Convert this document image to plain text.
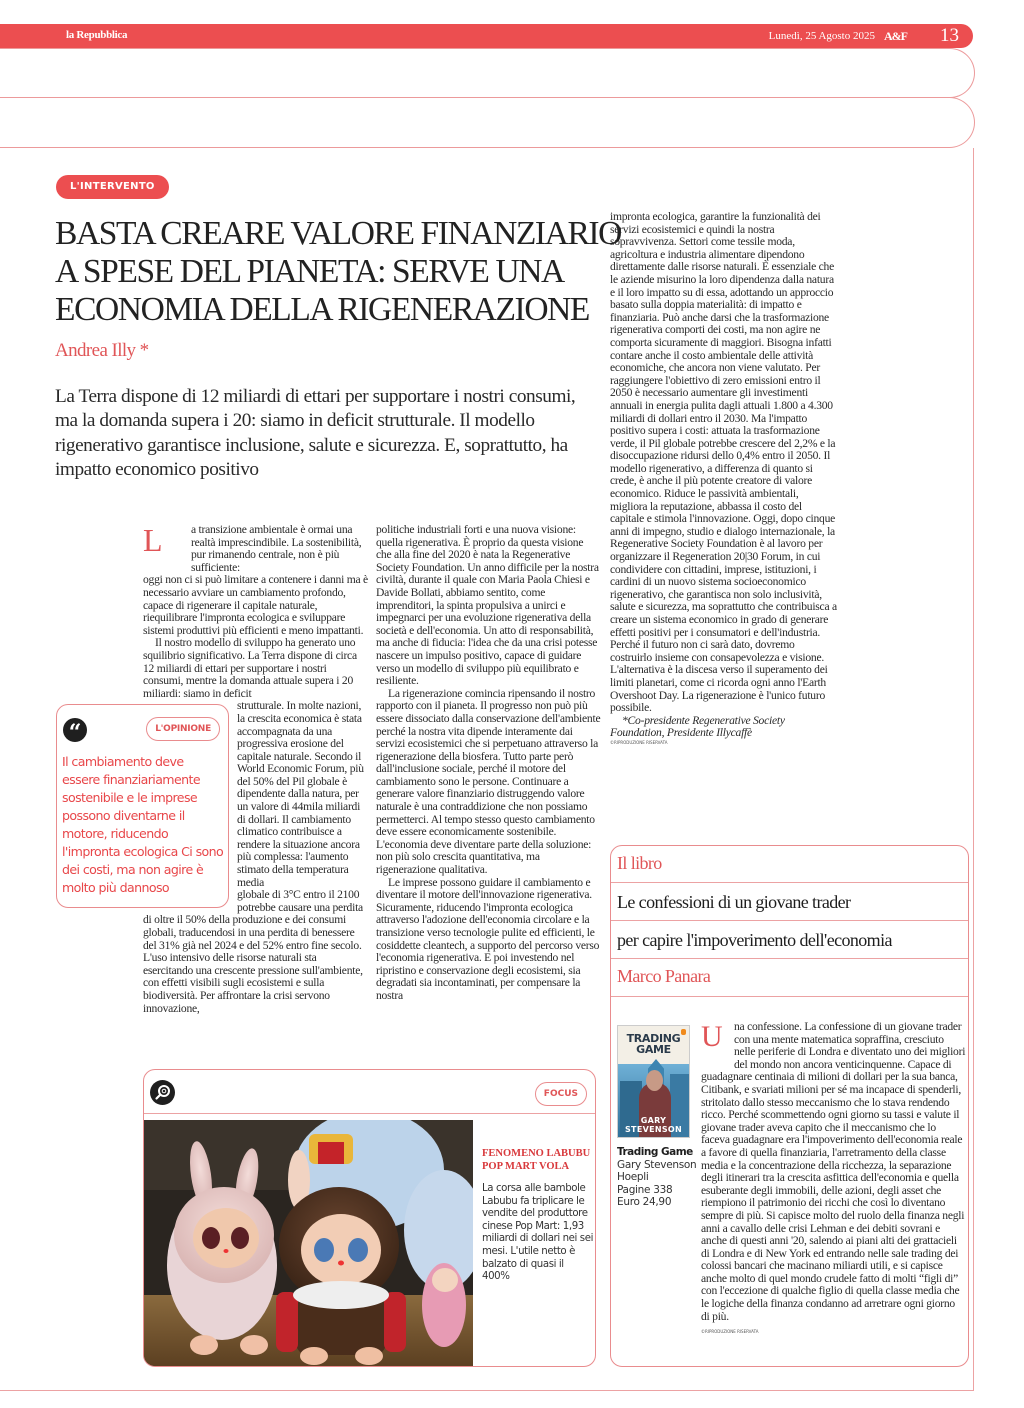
la Repubblica	Lunedì, 25 Agosto 2025 A&F 13
L'INTERVENTO
BASTA CREARE VALORE FINANZIARIO
A SPESE DEL PIANETA: SERVE UNA
ECONOMIA DELLA RIGENERAZIONE
Andrea Illy *
La Terra dispone di 12 miliardi di ettari per supportare i nostri consumi, ma la domanda supera i 20: siamo in deficit strutturale. Il modello rigenerativo garantisce inclusione, salute e sicurezza. E, soprattutto, ha impatto economico positivo
L	a transizione ambientale è ormai una realtà imprescindibile. La sostenibilità, pur rimanendo centrale, non è più sufficiente:

oggi non ci si può limitare a contenere i danni ma è necessario avviare un cambiamento profondo, capace di rigenerare il capitale naturale, riequilibrare l'impronta ecologica e sviluppare sistemi produttivi più efficienti e meno impattanti.

Il nostro modello di sviluppo ha generato uno squilibrio significativo. La Terra dispone di circa 12 miliardi di ettari per supportare i nostri consumi, mentre la domanda attuale supera i 20 miliardi: siamo in deficit

“	L'OPINIONE
Il cambiamento deve essere finanziariamente sostenibile e le imprese possono diventarne il motore, riducendo l'impronta ecologica Ci sono dei costi, ma non agire è molto più dannoso

strutturale. In molte nazioni, la crescita economica è stata accompagnata da una progressiva erosione del capitale naturale. Secondo il World Economic Forum, più del 50% del Pil globale è dipendente dalla natura, per un valore di 44mila miliardi di dollari. Il cambiamento climatico contribuisce a rendere la situazione ancora più complessa: l'aumento stimato della temperatura media

globale di 3°C entro il 2100 potrebbe causare una perdita di oltre il 50% della produzione e dei consumi globali, traducendosi in una perdita di benessere del 31% già nel 2024 e del 52% entro fine secolo. L'uso intensivo delle risorse naturali sta esercitando una crescente pressione sull'ambiente, con effetti visibili sugli ecosistemi e sulla biodiversità. Per affrontare la crisi servono innovazione,

politiche industriali forti e una nuova visione: quella rigenerativa. È proprio da questa visione che alla fine del 2020 è nata la Regenerative Society Foundation. Un anno difficile per la nostra civiltà, durante il quale con Maria Paola Chiesi e Davide Bollati, abbiamo sentito, come imprenditori, la spinta propulsiva a unirci e impegnarci per una evoluzione rigenerativa della società e dell'economia. Un atto di responsabilità, ma anche di fiducia: l'idea che da una crisi potesse nascere un impulso positivo, capace di guidare verso un modello di sviluppo più equilibrato e resiliente.

La rigenerazione comincia ripensando il nostro rapporto con il pianeta. Il progresso non può più essere dissociato dalla conservazione dell'ambiente perché la nostra vita dipende interamente dai servizi ecosistemici che si perpetuano attraverso la rigenerazione della biosfera. Tutto parte però dall'inclusione sociale, perché il motore del cambiamento sono le persone. Continuare a generare valore finanziario distruggendo valore naturale è una contraddizione che non possiamo permetterci. Al tempo stesso questo cambiamento deve essere economicamente sostenibile. L'economia deve diventare parte della soluzione: non più solo crescita quantitativa, ma rigenerazione qualitativa.

Le imprese possono guidare il cambiamento e diventare il motore dell'innovazione rigenerativa. Sicuramente, riducendo l'impronta ecologica attraverso l'adozione dell'economia circolare e la transizione verso tecnologie pulite ed efficienti, le cosiddette cleantech, a supporto del percorso verso l'economia rigenerativa. E poi investendo nel ripristino e conservazione degli ecosistemi, sia degradati sia incontaminati, per compensare la nostra

impronta ecologica, garantire la funzionalità dei servizi ecosistemici e quindi la nostra sopravvivenza. Settori come tessile moda, agricoltura e industria alimentare dipendono direttamente dalle risorse naturali. È essenziale che le aziende misurino la loro dipendenza dalla natura e il loro impatto su di essa, adottando un approccio basato sulla doppia materialità: di impatto e finanziaria. Può anche darsi che la trasformazione rigenerativa comporti dei costi, ma non agire ne comporta sicuramente di maggiori. Bisogna infatti contare anche il costo ambientale delle attività economiche, che ancora non viene valutato. Per raggiungere l'obiettivo di zero emissioni entro il 2050 è necessario aumentare gli investimenti annuali in energia pulita dagli attuali 1.800 a 4.300 miliardi di dollari entro il 2030. Ma l'impatto positivo supera i costi: attuata la trasformazione verde, il Pil globale potrebbe crescere del 2,2% e la disoccupazione ridursi dello 0,4% entro il 2050. Il modello rigenerativo, a differenza di quanto si crede, è anche il più potente creatore di valore economico. Riduce le passività ambientali, migliora la reputazione, abbassa il costo del capitale e stimola l'innovazione. Oggi, dopo cinque anni di impegno, studio e dialogo internazionale, la Regenerative Society Foundation è al lavoro per organizzare il Regeneration 20|30 Forum, in cui condividere con cittadini, imprese, istituzioni, i cardini di un nuovo sistema socioeconomico rigenerativo, che garantisca non solo inclusività, salute e sicurezza, ma soprattutto che contribuisca a creare un sistema economico in grado di generare effetti positivi per i consumatori e dell'industria. Perché il futuro non ci sarà dato, dovremo costruirlo insieme con consapevolezza e visione. L'alternativa è la discesa verso il superamento dei limiti planetari, come ci ricorda ogni anno l'Earth Overshoot Day. La rigenerazione è l'unico futuro possibile.

*Co-presidente Regenerative Society Foundation, Presidente Illycaffè

©RIPRODUZIONE RISERVATA

FOCUS
FENOMENO LABUBU POP MART VOLA
La corsa alle bambole Labubu fa triplicare le vendite del produttore cinese Pop Mart: 1,93 miliardi di dollari nei sei mesi. L'utile netto è balzato di quasi il 400%
Il libro
Le confessioni di un giovane trader
per capire l'impoverimento dell'economia
Marco Panara
TRADING GAME
GARY STEVENSON
Trading Game
Gary Stevenson
Hoepli
Pagine 338
Euro 24,90
U na confessione. La confessione di un giovane trader con una mente matematica sopraffina, cresciuto nelle periferie di Londra e diventato uno dei migliori del mondo non ancora venticinquenne. Capace di guadagnare centinaia di milioni di dollari per la sua banca, Citibank, e svariati milioni per sé ma incapace di spenderli, stritolato dallo stesso meccanismo che lo stava rendendo ricco. Perché scommettendo ogni giorno su tassi e valute il giovane trader aveva capito che il meccanismo che lo faceva guadagnare era l'impoverimento dell'economia reale a favore di quella finanziaria, l'arretramento della classe media e la concentrazione della ricchezza, la separazione degli itinerari tra la crescita asfittica dell'economia e quella esuberante degli immobili, delle azioni, degli asset che riempiono il patrimonio dei ricchi che così lo diventano sempre di più. Si capisce molto del ruolo della finanza negli anni a cavallo delle crisi Lehman e dei debiti sovrani e anche di questi anni '20, salendo ai piani alti dei grattacieli di Londra e di New York ed entrando nelle sale trading dei colossi bancari che macinano miliardi utili, e si capisce anche molto di quel mondo crudele fatto di molti “figli di” con l'eccezione di qualche figlio di quella classe media che le logiche della finanza condanno ad arretrare ogni giorno di più.

©RIPRODUZIONE RISERVATA
